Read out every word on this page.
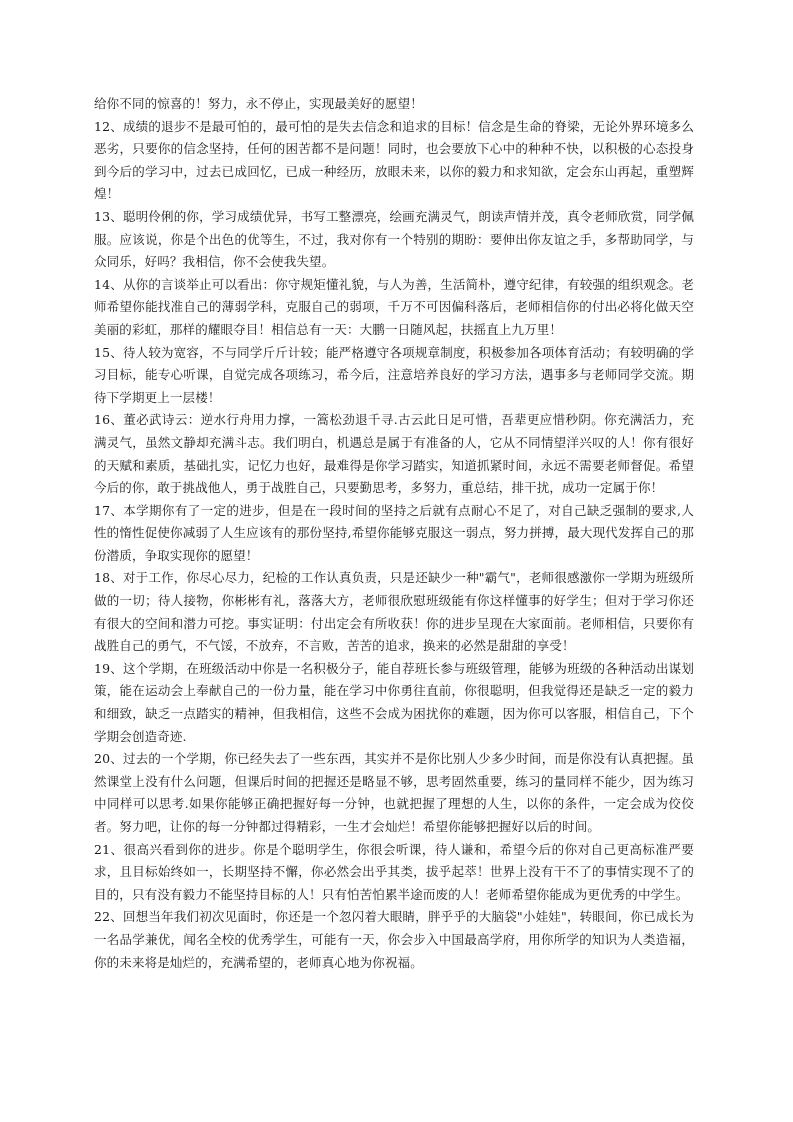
给你不同的惊喜的！努力，永不停止，实现最美好的愿望！

12、成绩的退步不是最可怕的，最可怕的是失去信念和追求的目标！信念是生命的脊梁，无论外界环境多么恶劣，只要你的信念坚持，任何的困苦都不是问题！同时，也会要放下心中的种种不快，以积极的心态投身到今后的学习中，过去已成回忆，已成一种经历，放眼未来，以你的毅力和求知欲，定会东山再起，重塑辉煌！

13、聪明伶俐的你，学习成绩优异，书写工整漂亮，绘画充满灵气，朗读声情并茂，真令老师欣赏，同学佩服。应该说，你是个出色的优等生，不过，我对你有一个特别的期盼：要伸出你友谊之手，多帮助同学，与众同乐，好吗？我相信，你不会使我失望。

14、从你的言谈举止可以看出：你守规矩懂礼貌，与人为善，生活简朴，遵守纪律，有较强的组织观念。老师希望你能找准自己的薄弱学科，克服自己的弱项，千万不可因偏科落后，老师相信你的付出必将化做天空美丽的彩虹，那样的耀眼夺目！相信总有一天：大鹏一日随风起，扶摇直上九万里！

15、待人较为宽容，不与同学斤斤计较；能严格遵守各项规章制度，积极参加各项体育活动；有较明确的学习目标，能专心听课，自觉完成各项练习，希今后，注意培养良好的学习方法，遇事多与老师同学交流。期待下学期更上一层楼！

16、董必武诗云：逆水行舟用力撑，一篙松劲退千寻.古云此日足可惜，吾辈更应惜秒阴。你充满活力，充满灵气，虽然文静却充满斗志。我们明白，机遇总是属于有准备的人，它从不同情望洋兴叹的人！你有很好的天赋和素质，基础扎实，记忆力也好，最难得是你学习踏实，知道抓紧时间，永远不需要老师督促。希望今后的你，敢于挑战他人，勇于战胜自己，只要勤思考，多努力，重总结，排干扰，成功一定属于你！

17、本学期你有了一定的进步，但是在一段时间的坚持之后就有点耐心不足了，对自己缺乏强制的要求,人性的惰性促使你减弱了人生应该有的那份坚持,希望你能够克服这一弱点，努力拼搏，最大现代发挥自己的那份潜质，争取实现你的愿望！

18、对于工作，你尽心尽力，纪检的工作认真负责，只是还缺少一种"霸气"，老师很感激你一学期为班级所做的一切；待人接物，你彬彬有礼，落落大方，老师很欣慰班级能有你这样懂事的好学生；但对于学习你还有很大的空间和潜力可挖。事实证明：付出定会有所收获！你的进步呈现在大家面前。老师相信，只要你有战胜自己的勇气，不气馁，不放弃，不言败，苦苦的追求，换来的必然是甜甜的享受！

19、这个学期，在班级活动中你是一名积极分子，能自荐班长参与班级管理，能够为班级的各种活动出谋划策，能在运动会上奉献自己的一份力量，能在学习中你勇往直前，你很聪明，但我觉得还是缺乏一定的毅力和细致，缺乏一点踏实的精神，但我相信，这些不会成为困扰你的难题，因为你可以客服，相信自己，下个学期会创造奇迹.

20、过去的一个学期，你已经失去了一些东西，其实并不是你比别人少多少时间，而是你没有认真把握。虽然课堂上没有什么问题，但课后时间的把握还是略显不够，思考固然重要，练习的量同样不能少，因为练习中同样可以思考.如果你能够正确把握好每一分钟，也就把握了理想的人生，以你的条件，一定会成为佼佼者。努力吧，让你的每一分钟都过得精彩，一生才会灿烂！希望你能够把握好以后的时间。

21、很高兴看到你的进步。你是个聪明学生，你很会听课，待人谦和，希望今后的你对自己更高标准严要求，且目标始终如一，长期坚持不懈，你必然会出乎其类，拔乎起萃！世界上没有干不了的事情实现不了的目的，只有没有毅力不能坚持目标的人！只有怕苦怕累半途而废的人！老师希望你能成为更优秀的中学生。

22、回想当年我们初次见面时，你还是一个忽闪着大眼睛，胖乎乎的大脑袋"小娃娃"，转眼间，你已成长为一名品学兼优，闻名全校的优秀学生，可能有一天，你会步入中国最高学府，用你所学的知识为人类造福，你的未来将是灿烂的，充满希望的，老师真心地为你祝福。
